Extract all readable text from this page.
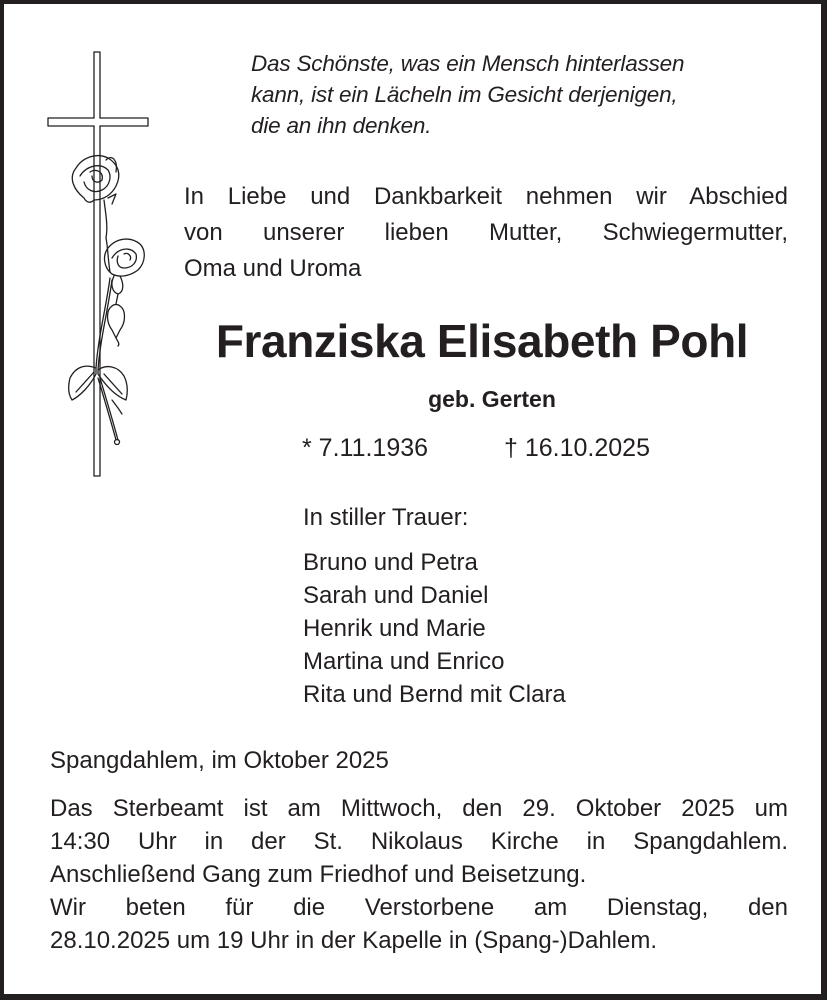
Das Schönste, was ein Mensch hinterlassen
kann, ist ein Lächeln im Gesicht derjenigen,
die an ihn denken.
In Liebe und Dankbarkeit nehmen wir Abschied
von unserer lieben Mutter, Schwiegermutter,
Oma und Uroma
Franziska Elisabeth Pohl
geb. Gerten
* 7.11.1936	† 16.10.2025
In stiller Trauer:
Bruno und Petra
Sarah und Daniel
Henrik und Marie
Martina und Enrico
Rita und Bernd mit Clara
Spangdahlem, im Oktober 2025
Das Sterbeamt ist am Mittwoch, den 29. Oktober 2025 um
14:30 Uhr in der St. Nikolaus Kirche in Spangdahlem.
Anschließend Gang zum Friedhof und Beisetzung.
Wir beten für die Verstorbene am Dienstag, den
28.10.2025 um 19 Uhr in der Kapelle in (Spang-)Dahlem.
